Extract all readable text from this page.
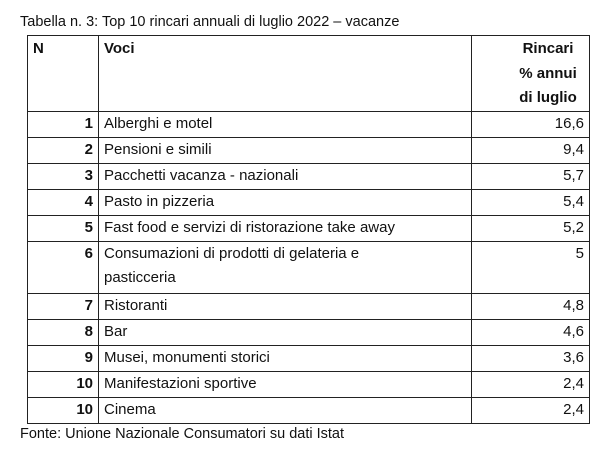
Tabella n. 3: Top 10 rincari annuali di luglio 2022 – vacanze
N	Voci	Rincari
% annui
di luglio
1	Alberghi e motel	16,6
2	Pensioni e simili	9,4
3	Pacchetti vacanza - nazionali	5,7
4	Pasto in pizzeria	5,4
5	Fast food e servizi di ristorazione take away	5,2
6	Consumazioni di prodotti di gelateria e
pasticceria	5
7	Ristoranti	4,8
8	Bar	4,6
9	Musei, monumenti storici	3,6
10	Manifestazioni sportive	2,4
10	Cinema	2,4
Fonte: Unione Nazionale Consumatori su dati Istat
